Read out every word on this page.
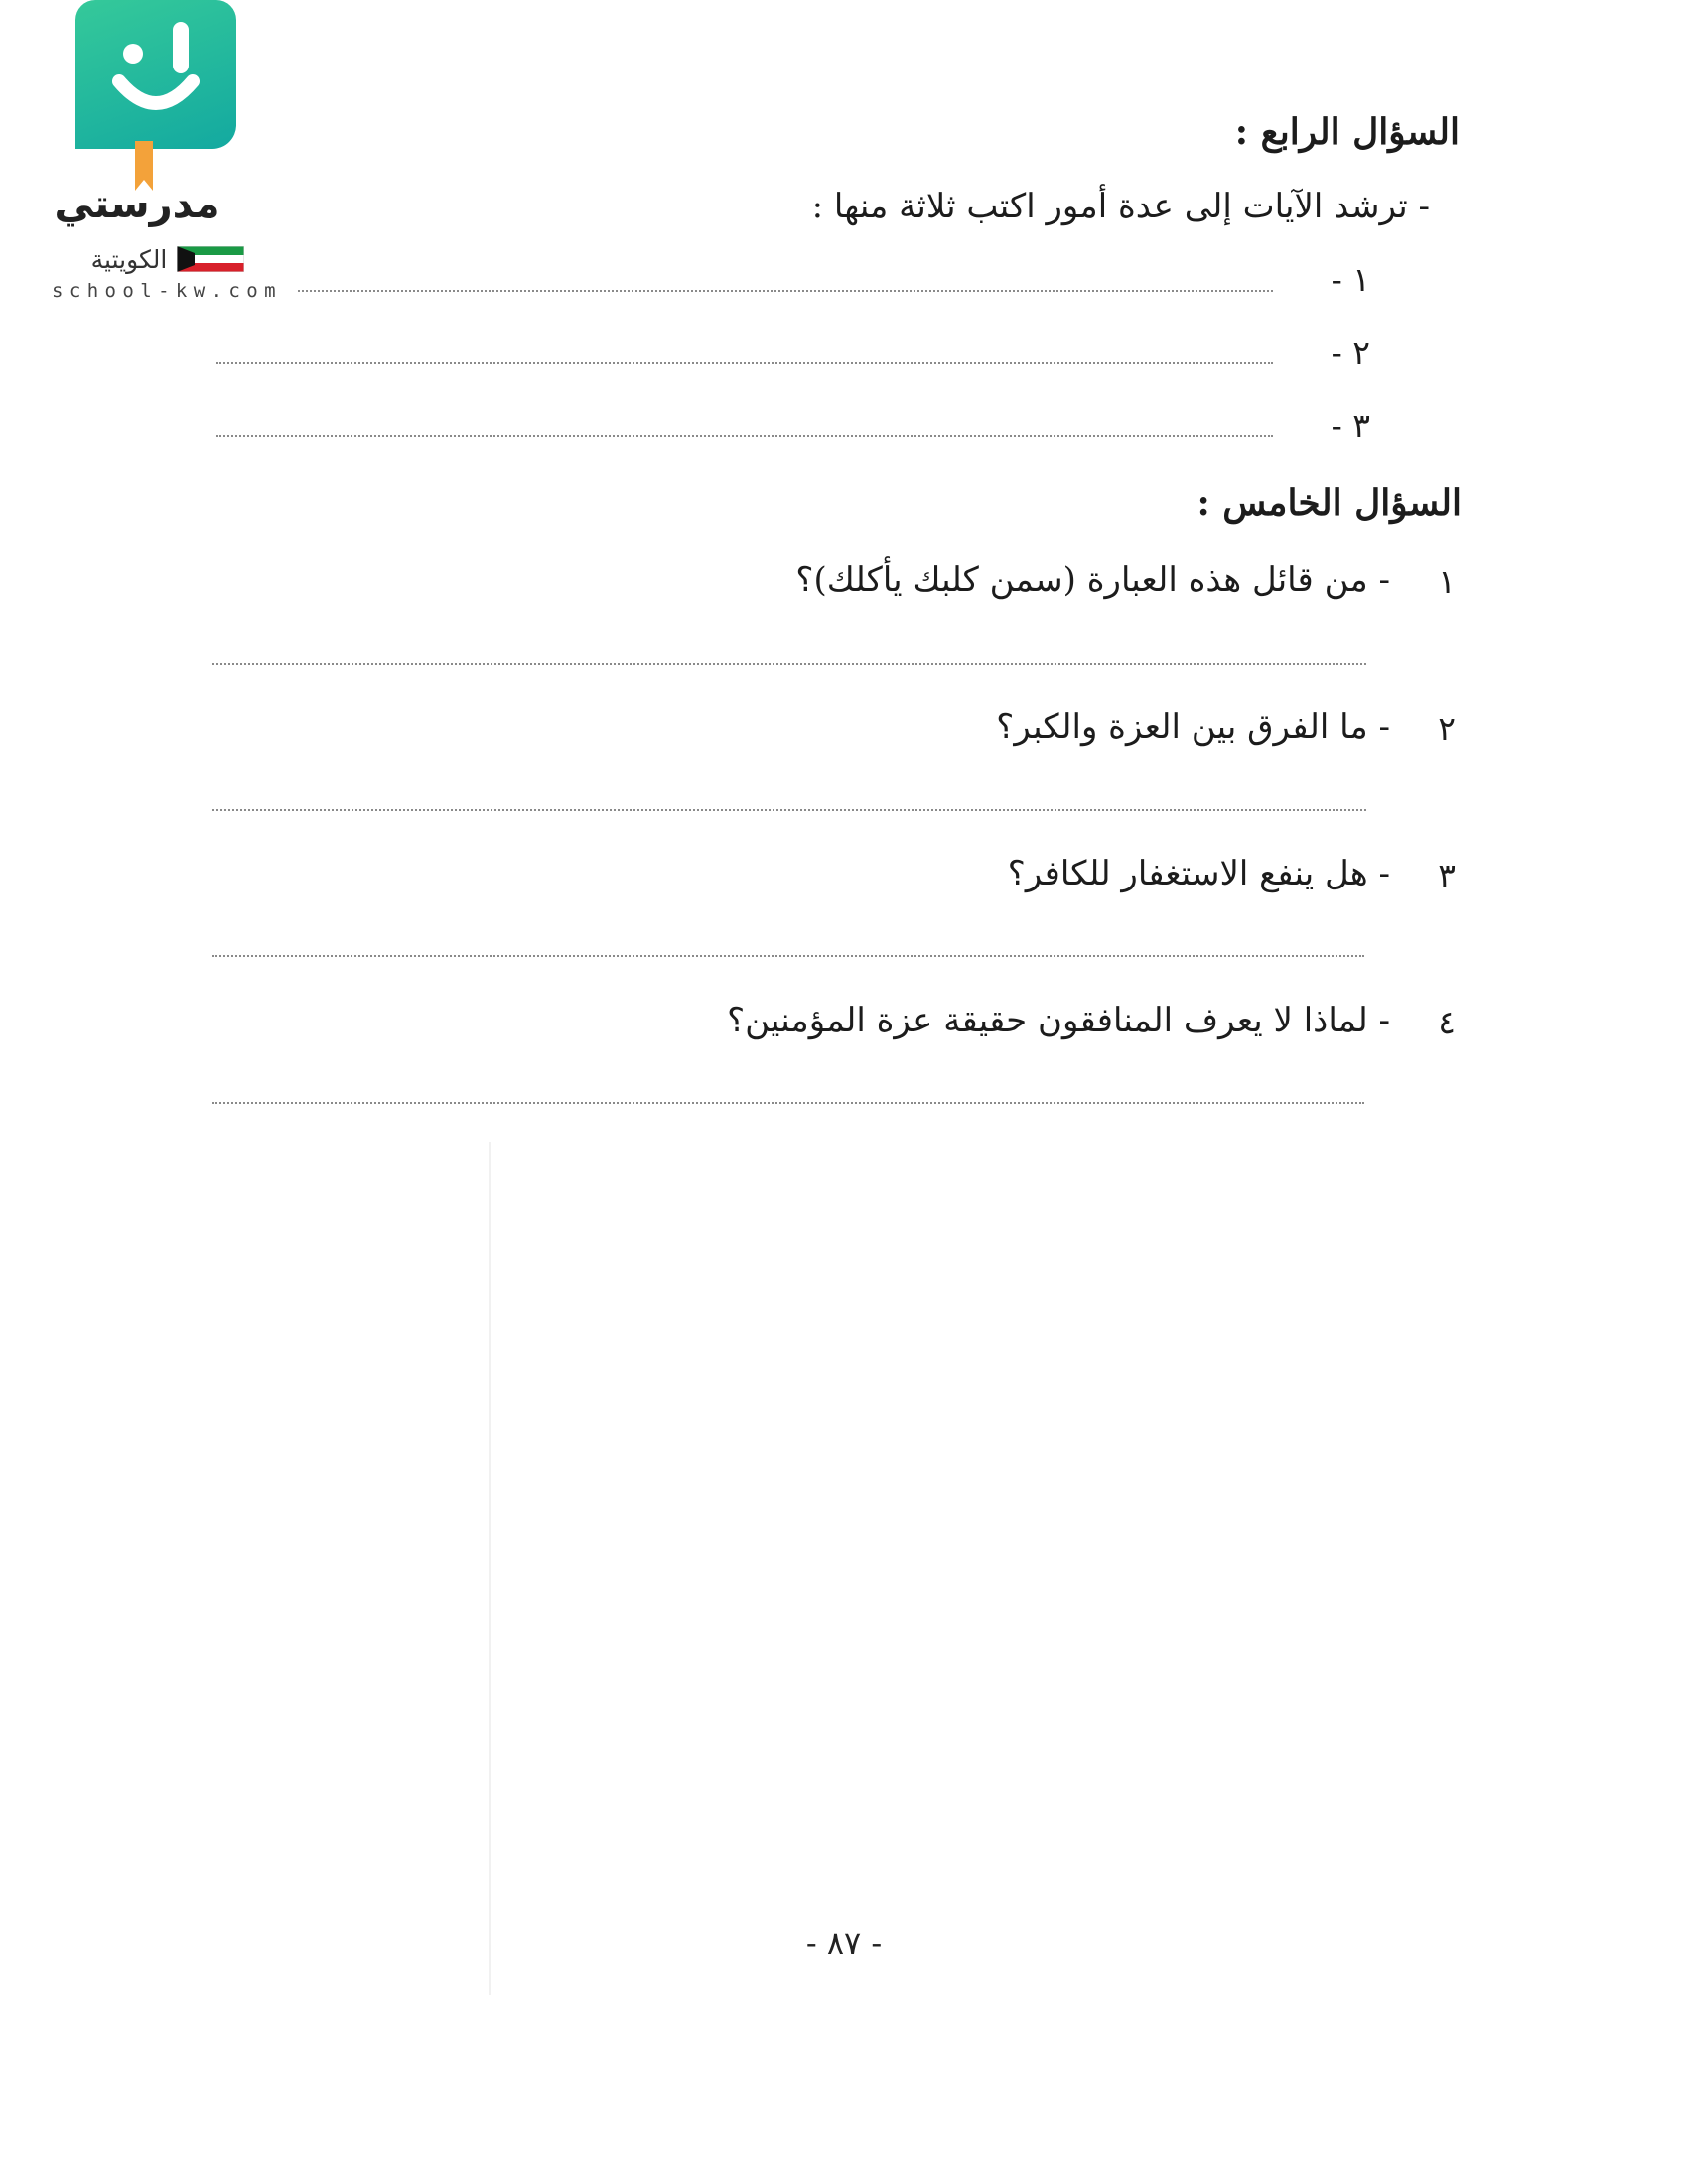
مدرستي
الكويتية
school-kw.com
السؤال الرابع :
- ترشد الآيات إلى عدة أمور اكتب ثلاثة منها :
١ -
٢ -
٣ -
السؤال الخامس :
١
- من قائل هذه العبارة (سمن كلبك يأكلك)؟
٢
- ما الفرق بين العزة والكبر؟
٣
- هل ينفع الاستغفار للكافر؟
٤
- لماذا لا يعرف المنافقون حقيقة عزة المؤمنين؟
- ٨٧ -
